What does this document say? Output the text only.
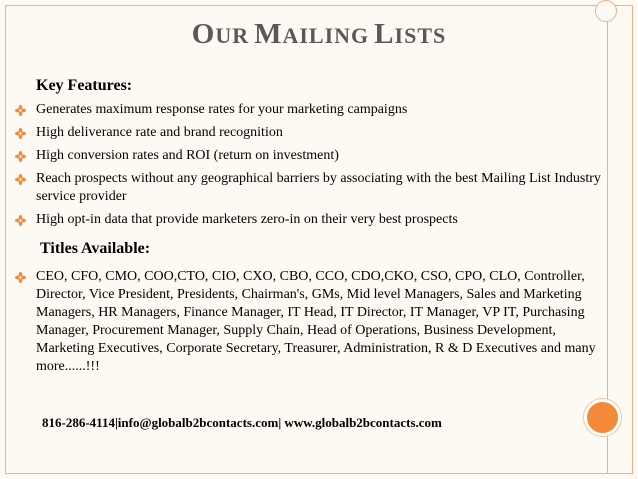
OUR MAILING LISTS
Key Features:
Generates maximum response rates for your marketing campaigns
High deliverance rate and brand recognition
High conversion rates and ROI (return on investment)
Reach prospects without any geographical barriers by associating with the best Mailing List Industry service provider
High opt-in data that provide marketers zero-in on their very best prospects
Titles Available:
CEO, CFO, CMO, COO,CTO, CIO, CXO, CBO, CCO, CDO,CKO, CSO, CPO, CLO, Controller, Director, Vice President, Presidents, Chairman's, GMs, Mid level Managers, Sales and Marketing Managers, HR Managers, Finance Manager, IT Head, IT Director, IT Manager, VP IT, Purchasing Manager, Procurement Manager, Supply Chain, Head of Operations, Business Development, Marketing Executives, Corporate Secretary, Treasurer, Administration, R & D Executives and many more......!!!
816-286-4114|info@globalb2bcontacts.com| www.globalb2bcontacts.com
